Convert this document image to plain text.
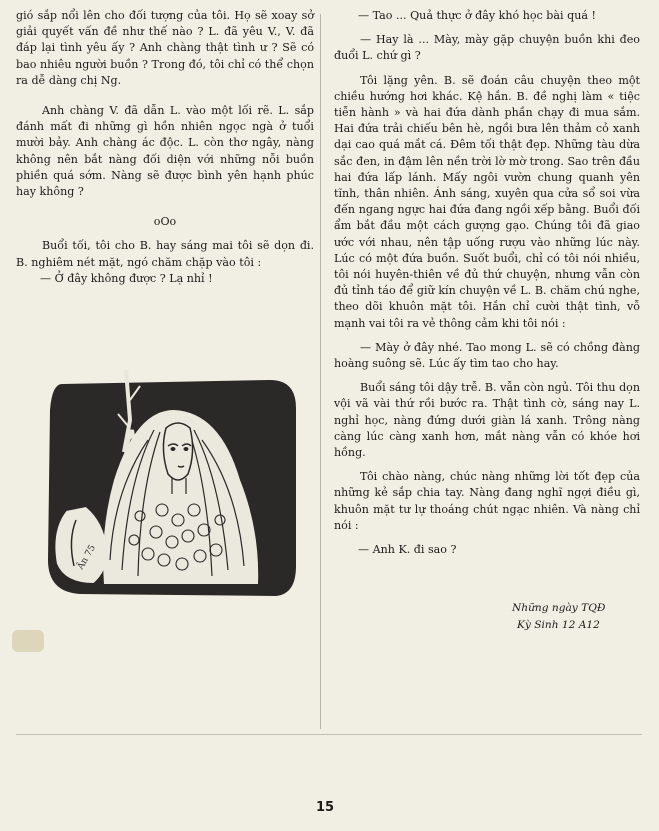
gió sắp nổi lên cho đối tượng của tôi. Họ sẽ xoay sở giải quyết vấn đề như thế nào ? L. đã yêu V., V. đã đáp lại tình yêu ấy ? Anh chàng thật tình ư ? Sẽ có bao nhiêu người buồn ? Trong đó, tôi chỉ có thể chọn ra dễ dàng chị Ng.

Anh chàng V. đã dẫn L. vào một lối rẽ. L. sắp đánh mất đi những gì hồn nhiên ngọc ngà ở tuổi mười bảy. Anh chàng ác độc. L. còn thơ ngây, nàng không nên bắt nàng đối diện với những nỗi buồn phiền quá sớm. Nàng sẽ được bình yên hạnh phúc hay không ?

oOo

Buổi tối, tôi cho B. hay sáng mai tôi sẽ dọn đi. B. nghiêm nét mặt, ngó chăm chặp vào tôi :

— Ở đây không được ? Lạ nhỉ !

— Tao ... Quả thực ở đây khó học bài quá !

— Hay là ... Mày, mày gặp chuyện buồn khi đeo đuổi L. chứ gì ?

Tôi lặng yên. B. sẽ đoán câu chuyện theo một chiều hướng hơi khác. Kệ hắn. B. đề nghị làm « tiệc tiễn hành » và hai đứa dành phần chạy đi mua sắm. Hai đứa trải chiếu bên hè, ngồi bưa lên thảm cỏ xanh dại cao quá mắt cá. Đêm tối thật đẹp. Những tàu dừa sắc đen, in đậm lên nền trời lờ mờ trong. Sao trên đầu hai đứa lấp lánh. Mấy ngôi vườn chung quanh yên tĩnh, thân nhiên. Ánh sáng, xuyên qua cửa sổ soi vừa đến ngang ngực hai đứa đang ngồi xếp bằng. Buổi đối ẩm bắt đầu một cách gượng gạo. Chúng tôi đã giao ước với nhau, nên tập uống rượu vào những lúc này. Lúc có một đứa buồn. Suốt buổi, chỉ có tôi nói nhiều, tôi nói huyên-thiên về đủ thứ chuyện, nhưng vẫn còn đủ tỉnh táo để giữ kín chuyện về L. B. chăm chú nghe, theo dõi khuôn mặt tôi. Hắn chỉ cười thật tình, vỗ mạnh vai tôi ra vẻ thông cảm khi tôi nói :

— Mày ở đây nhé. Tao mong L. sẽ có chồng đàng hoàng suông sẽ. Lúc ấy tìm tao cho hay.

Buổi sáng tôi dậy trễ. B. vẫn còn ngủ. Tôi thu dọn vội vã vài thứ rồi bước ra. Thật tình cờ, sáng nay L. nghỉ học, nàng đứng dưới giàn lá xanh. Trông nàng càng lúc càng xanh hơn, mắt nàng vẫn có khóe hơi hồng.

Tôi chào nàng, chúc nàng những lời tốt đẹp của những kẻ sắp chia tay. Nàng đang nghĩ ngợi điều gì, khuôn mặt tư lự thoáng chút ngạc nhiên. Và nàng chỉ nói :

— Anh K. đi sao ?

Ân 75
Những ngày TQĐ
Kỳ Sinh 12 A12
15
